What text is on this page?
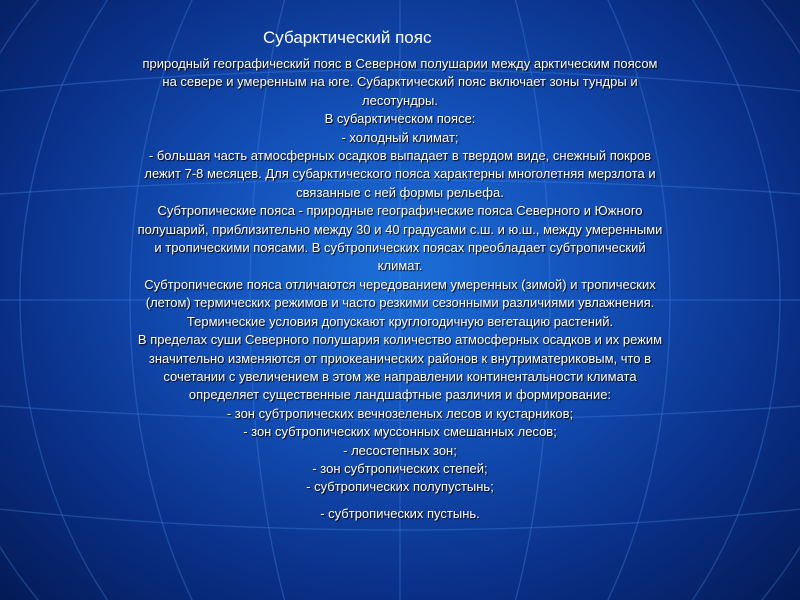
Субарктический пояс
природный географический пояс в Северном полушарии между арктическим поясом
на севере и умеренным на юге. Субарктический пояс включает зоны тундры и
лесотундры.
В субарктическом поясе:
- холодный климат;
- большая часть атмосферных осадков выпадает в твердом виде, снежный покров
лежит 7-8 месяцев. Для субарктического пояса характерны многолетняя мерзлота и
связанные с ней формы рельефа.
Субтропические пояса - природные географические пояса Северного и Южного
полушарий, приблизительно между 30 и 40 градусами с.ш. и ю.ш., между умеренными
и тропическими поясами. В субтропических поясах преобладает субтропический
климат.
Субтропические пояса отличаются чередованием умеренных (зимой) и тропических
(летом) термических режимов и часто резкими сезонными различиями увлажнения.
Термические условия допускают круглогодичную вегетацию растений.
В пределах суши Северного полушария количество атмосферных осадков и их режим
значительно изменяются от приокеанических районов к внутриматериковым, что в
сочетании с увеличением в этом же направлении континентальности климата
определяет существенные ландшафтные различия и формирование:
- зон субтропических вечнозеленых лесов и кустарников;
- зон субтропических муссонных смешанных лесов;
- лесостепных зон;
- зон субтропических степей;
- субтропических полупустынь;
- субтропических пустынь.
